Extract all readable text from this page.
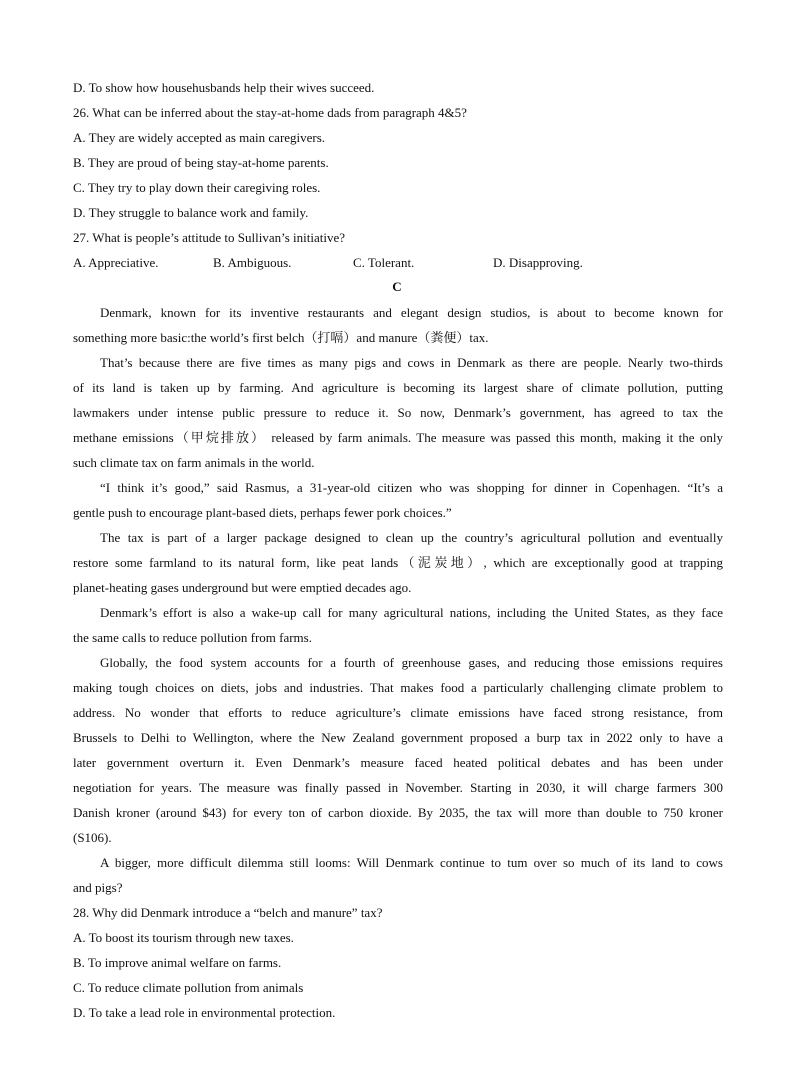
D. To show how househusbands help their wives succeed.
26. What can be inferred about the stay-at-home dads from paragraph 4&5?
A. They are widely accepted as main caregivers.
B. They are proud of being stay-at-home parents.
C. They try to play down their caregiving roles.
D. They struggle to balance work and family.
27. What is people’s attitude to Sullivan’s initiative?
A. Appreciative.	B. Ambiguous.	C. Tolerant.	D. Disapproving.
C
Denmark, known for its inventive restaurants and elegant design studios, is about to become known for
something more basic:the world’s first belch（打嗝）and manure（粪便）tax.
That’s because there are five times as many pigs and cows in Denmark as there are people. Nearly two-thirds
of its land is taken up by farming. And agriculture is becoming its largest share of climate pollution, putting
lawmakers under intense public pressure to reduce it. So now, Denmark’s government, has agreed to tax the
methane emissions（甲烷排放） released by farm animals. The measure was passed this month, making it the only
such climate tax on farm animals in the world.
“I think it’s good,” said Rasmus, a 31-year-old citizen who was shopping for dinner in Copenhagen. “It’s a
gentle push to encourage plant-based diets, perhaps fewer pork choices.”
The tax is part of a larger package designed to clean up the country’s agricultural pollution and eventually
restore some farmland to its natural form, like peat lands（泥炭地）, which are exceptionally good at trapping
planet-heating gases underground but were emptied decades ago.
Denmark’s effort is also a wake-up call for many agricultural nations, including the United States, as they face
the same calls to reduce pollution from farms.
Globally, the food system accounts for a fourth of greenhouse gases, and reducing those emissions requires
making tough choices on diets, jobs and industries. That makes food a particularly challenging climate problem to
address. No wonder that efforts to reduce agriculture’s climate emissions have faced strong resistance, from
Brussels to Delhi to Wellington, where the New Zealand government proposed a burp tax in 2022 only to have a
later government overturn it. Even Denmark’s measure faced heated political debates and has been under
negotiation for years. The measure was finally passed in November. Starting in 2030, it will charge farmers 300
Danish kroner (around $43) for every ton of carbon dioxide. By 2035, the tax will more than double to 750 kroner
(S106).
A bigger, more difficult dilemma still looms: Will Denmark continue to tum over so much of its land to cows
and pigs?
28. Why did Denmark introduce a “belch and manure” tax?
A. To boost its tourism through new taxes.
B. To improve animal welfare on farms.
C. To reduce climate pollution from animals
D. To take a lead role in environmental protection.
